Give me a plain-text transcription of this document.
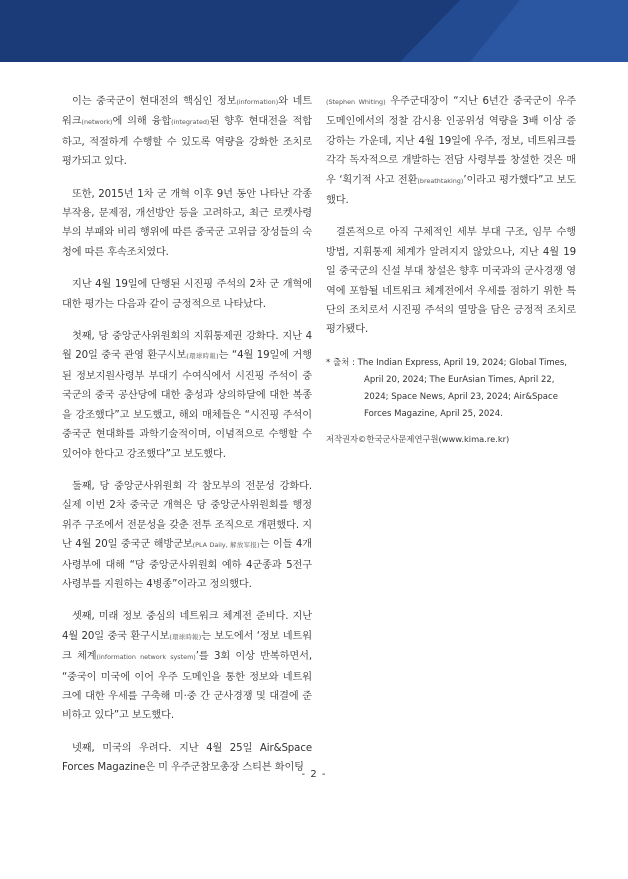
이는 중국군이 현대전의 핵심인 정보(information)와 네트워크(network)에 의해 융합(integrated)된 향후 현대전을 적합하고, 적절하게 수행할 수 있도록 역량을 강화한 조치로 평가되고 있다.

또한, 2015년 1차 군 개혁 이후 9년 동안 나타난 각종 부작용, 문제점, 개선방안 등을 고려하고, 최근 로켓사령부의 부패와 비리 행위에 따른 중국군 고위급 장성들의 숙청에 따른 후속조치였다.

지난 4월 19일에 단행된 시진핑 주석의 2차 군 개혁에 대한 평가는 다음과 같이 긍정적으로 나타났다.

첫째, 당 중앙군사위원회의 지휘통제권 강화다. 지난 4월 20일 중국 관영 환구시보(環球時報)는 “4월 19일에 거행된 정보지원사령부 부대기 수여식에서 시진핑 주석이 중국군의 중국 공산당에 대한 충성과 상의하달에 대한 복종을 강조했다”고 보도했고, 해외 매체들은 “시진핑 주석이 중국군 현대화를 과학기술적이며, 이념적으로 수행할 수 있어야 한다고 강조했다”고 보도했다.

둘째, 당 중앙군사위원회 각 참모부의 전문성 강화다. 실제 이번 2차 중국군 개혁은 당 중앙군사위원회를 행정 위주 구조에서 전문성을 갖춘 전투 조직으로 개편했다. 지난 4월 20일 중국군 해방군보(PLA Daily, 解放军报)는 이들 4개 사령부에 대해 “당 중앙군사위원회 예하 4군종과 5전구사령부를 지원하는 4병종”이라고 정의했다.

셋째, 미래 정보 중심의 네트워크 체계전 준비다. 지난 4월 20일 중국 환구시보(環球時報)는 보도에서 ‘정보 네트워크 체계(information network system)’를 3회 이상 반복하면서, “중국이 미국에 이어 우주 도메인을 통한 정보와 네트워크에 대한 우세를 구축해 미·중 간 군사경쟁 및 대결에 준비하고 있다”고 보도했다.

넷째, 미국의 우려다. 지난 4월 25일 Air&Space Forces Magazine은 미 우주군참모총장 스티븐 화이팅

(Stephen Whiting) 우주군대장이 “지난 6년간 중국군이 우주 도메인에서의 정찰 감시용 인공위성 역량을 3배 이상 증강하는 가운데, 지난 4월 19일에 우주, 정보, 네트워크를 각각 독자적으로 개발하는 전담 사령부를 창설한 것은 매우 ‘획기적 사고 전환(breathtaking)’이라고 평가했다”고 보도했다.

결론적으로 아직 구체적인 세부 부대 구조, 임무 수행 방법, 지휘통제 체계가 알려지지 않았으나, 지난 4월 19일 중국군의 신설 부대 창설은 향후 미국과의 군사경쟁 영역에 포함될 네트워크 체계전에서 우세를 점하기 위한 특단의 조치로서 시진핑 주석의 열망을 담은 긍정적 조치로 평가됐다.

* 출처 : The Indian Express, April 19, 2024; Global Times, April 20, 2024; The EurAsian Times, April 22, 2024; Space News, April 23, 2024; Air&Space Forces Magazine, April 25, 2024.
저작권자©한국군사문제연구원(www.kima.re.kr)
- 2 -
